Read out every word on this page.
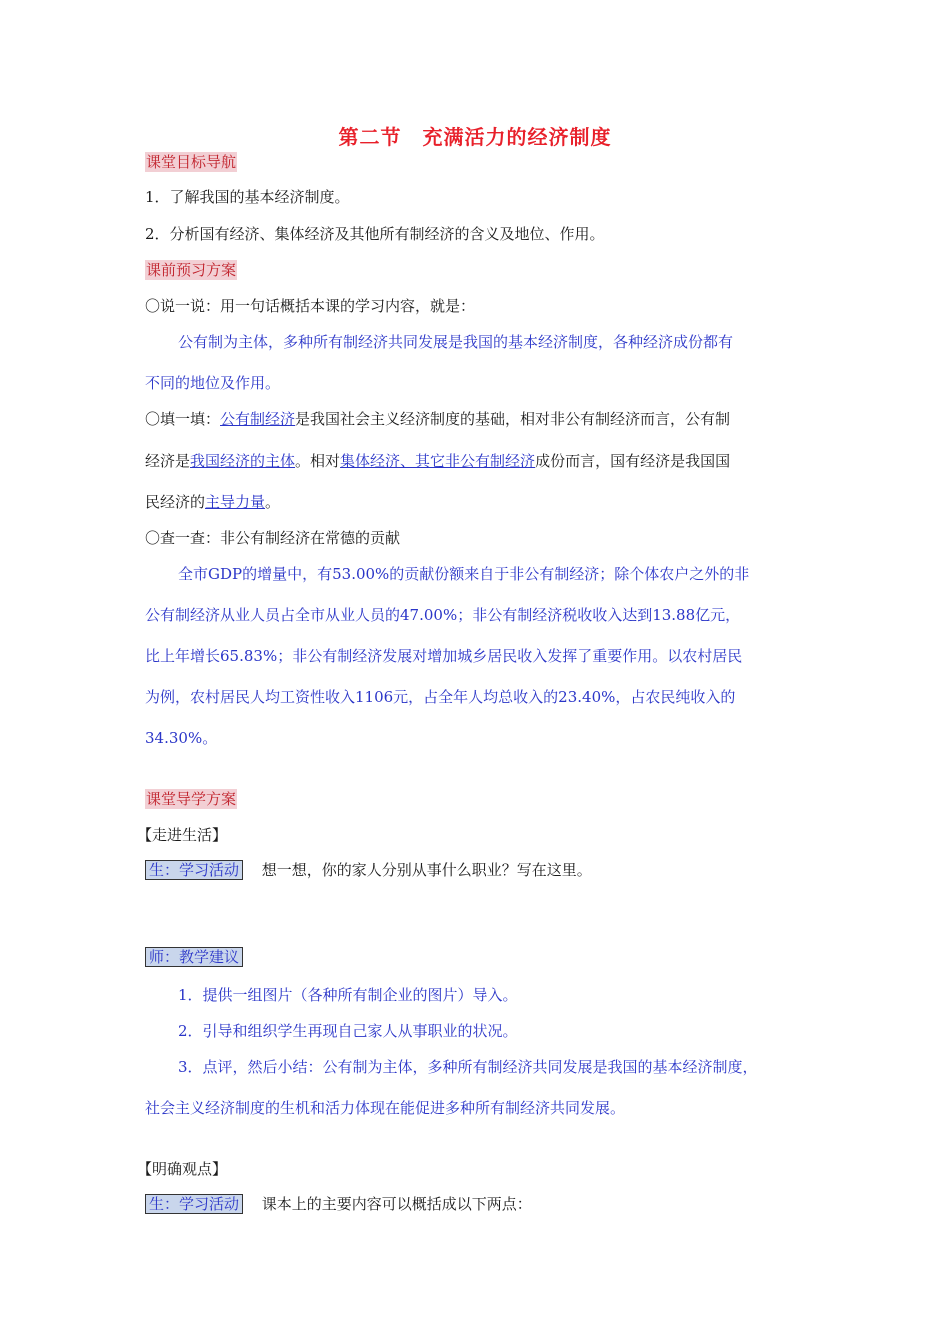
第二节　充满活力的经济制度
课堂目标导航
1．了解我国的基本经济制度。
2．分析国有经济、集体经济及其他所有制经济的含义及地位、作用。
课前预习方案
〇说一说：用一句话概括本课的学习内容，就是：
公有制为主体，多种所有制经济共同发展是我国的基本经济制度，各种经济成份都有
不同的地位及作用。
〇填一填：公有制经济是我国社会主义经济制度的基础，相对非公有制经济而言，公有制
经济是我国经济的主体。相对集体经济、其它非公有制经济成份而言，国有经济是我国国
民经济的主导力量。
〇查一查：非公有制经济在常德的贡献
全市GDP的增量中，有53.00%的贡献份额来自于非公有制经济；除个体农户之外的非
公有制经济从业人员占全市从业人员的47.00%；非公有制经济税收收入达到13.88亿元，
比上年增长65.83%；非公有制经济发展对增加城乡居民收入发挥了重要作用。以农村居民
为例，农村居民人均工资性收入1106元，占全年人均总收入的23.40%，占农民纯收入的
34.30%。
课堂导学方案
【走进生活】
生：学习活动 想一想，你的家人分别从事什么职业？写在这里。
师：教学建议
1．提供一组图片（各种所有制企业的图片）导入。
2．引导和组织学生再现自己家人从事职业的状况。
3．点评，然后小结：公有制为主体，多种所有制经济共同发展是我国的基本经济制度，
社会主义经济制度的生机和活力体现在能促进多种所有制经济共同发展。
【明确观点】
生：学习活动 课本上的主要内容可以概括成以下两点：
